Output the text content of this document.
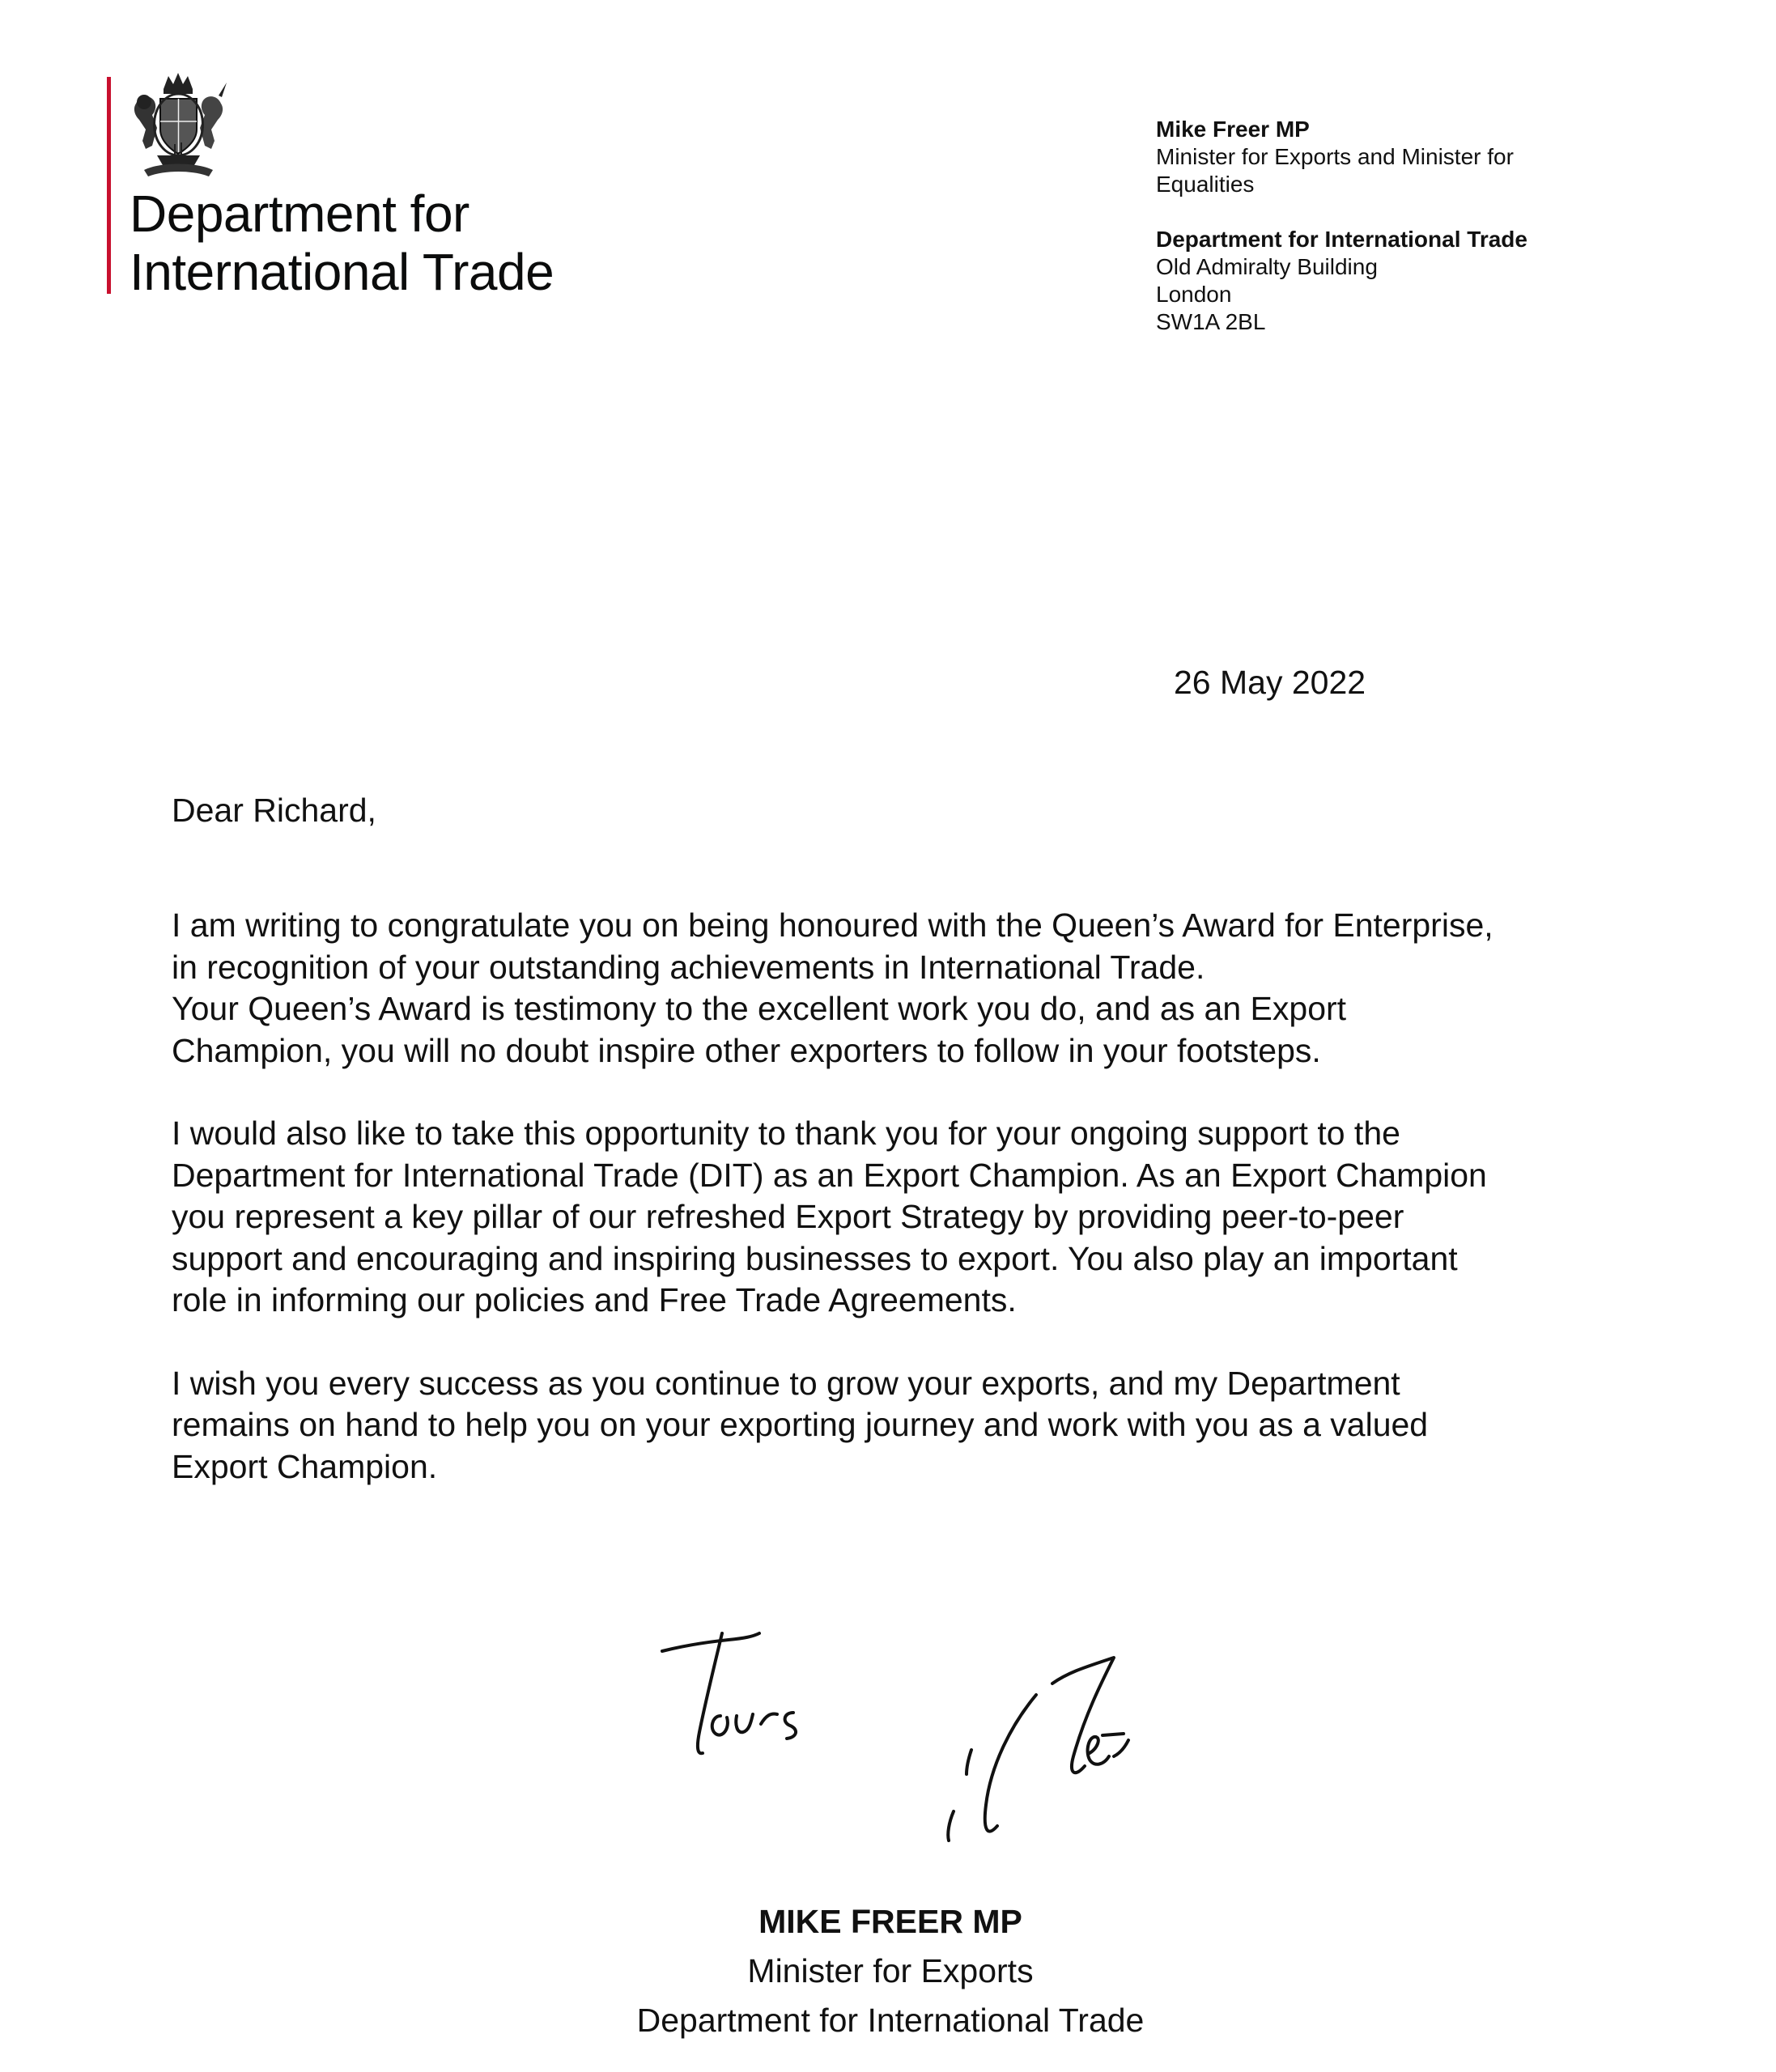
Department for
International Trade
Mike Freer MP
Minister for Exports and Minister for
Equalities
Department for International Trade
Old Admiralty Building
London
SW1A 2BL
26 May 2022
Dear Richard,
I am writing to congratulate you on being honoured with the Queen’s Award for Enterprise,
in recognition of your outstanding achievements in International Trade.
Your Queen’s Award is testimony to the excellent work you do, and as an Export
Champion, you will no doubt inspire other exporters to follow in your footsteps.
I would also like to take this opportunity to thank you for your ongoing support to the
Department for International Trade (DIT) as an Export Champion. As an Export Champion
you represent a key pillar of our refreshed Export Strategy by providing peer-to-peer
support and encouraging and inspiring businesses to export. You also play an important
role in informing our policies and Free Trade Agreements.
I wish you every success as you continue to grow your exports, and my Department
remains on hand to help you on your exporting journey and work with you as a valued
Export Champion.
MIKE FREER MP
Minister for Exports
Department for International Trade
